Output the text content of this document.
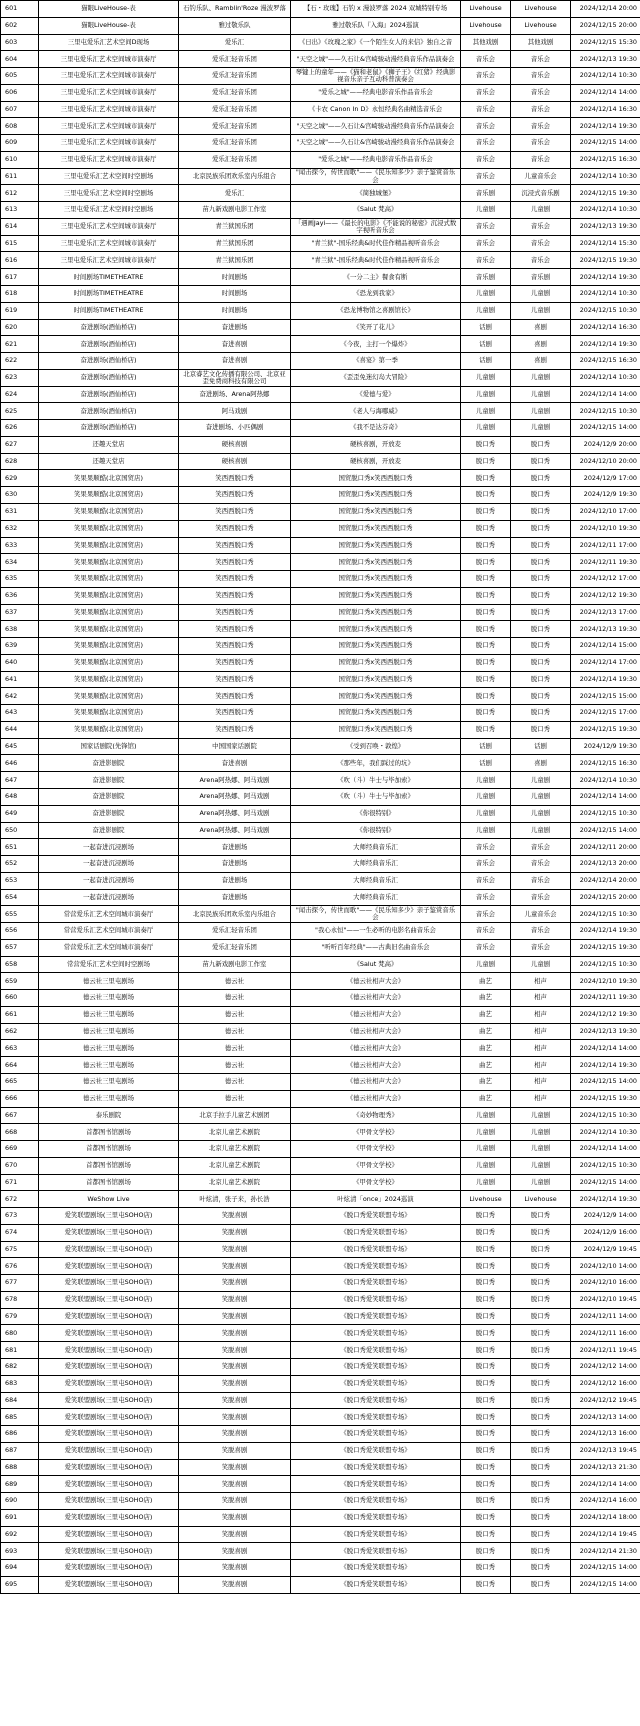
601	猫眼LiveHouse-表	石钓乐队、Ramblin'Roze 漫波罗落	【石・玫瑰】石钓 x 漫波罗落 2024 双城特别专场	Livehouse	Livehouse	2024/12/14 20:00
602	猫眼LiveHouse-表	雅过敬乐队	雅过敬乐队『入海』2024巡演	Livehouse	Livehouse	2024/12/15 20:00
603	三里屯爱乐汇艺术空间D现场	爱乐汇	《日出》《玫瑰之家》《一个陌生女人的来信》独自之音	其他戏剧	其他戏剧	2024/12/15 15:30
604	三里屯爱乐汇艺术空间城市演奏厅	爱乐汇轻音乐团	"天空之城"——久石让&宫崎骏动漫经典音乐作品演奏会	音乐会	音乐会	2024/12/13 19:30
605	三里屯爱乐汇艺术空间城市演奏厅	爱乐汇轻音乐团	琴键上的童年——《猫和老鼠》《狮子王》《红猪》经典影视音乐亲子互动科普演奏会	音乐会	音乐会	2024/12/14 10:30
606	三里屯爱乐汇艺术空间城市演奏厅	爱乐汇轻音乐团	"爱乐之城"——经典电影音乐作品音乐会	音乐会	音乐会	2024/12/14 14:00
607	三里屯爱乐汇艺术空间城市演奏厅	爱乐汇轻音乐团	《卡农 Canon In D》永恒经典名曲精选音乐会	音乐会	音乐会	2024/12/14 16:30
608	三里屯爱乐汇艺术空间城市演奏厅	爱乐汇轻音乐团	"天空之城"——久石让&宫崎骏动漫经典音乐作品演奏会	音乐会	音乐会	2024/12/14 19:30
609	三里屯爱乐汇艺术空间城市演奏厅	爱乐汇轻音乐团	"天空之城"——久石让&宫崎骏动漫经典音乐作品演奏会	音乐会	音乐会	2024/12/15 14:00
610	三里屯爱乐汇艺术空间城市演奏厅	爱乐汇轻音乐团	"爱乐之城"——经典电影音乐作品音乐会	音乐会	音乐会	2024/12/15 16:30
611	三里屯爱乐汇艺术空间时空剧场	北京民族乐团欢乐室内乐组合	"闻击探今，传世而歌"——《民乐知多少》亲子鉴赏音乐会	音乐会	儿童音乐会	2024/12/14 10:30
612	三里屯爱乐汇艺术空间时空剧场	爱乐汇	《简独城堡》	音乐剧	沉浸式音乐剧	2024/12/15 19:30
613	三里屯爱乐汇艺术空间时空剧场	苗九新戏剧电影工作室	《Salut 梵高》	儿童剧	儿童剧	2024/12/14 10:30
614	三里屯爱乐汇艺术空间城市演奏厅	青兰狱国乐团	「遇画Jayi——《最长的电影》《不能说的秘密》沉浸式数字视听音乐会	音乐会	音乐会	2024/12/13 19:30
615	三里屯爱乐汇艺术空间城市演奏厅	青兰狱国乐团	"青兰狱"-国乐经典&时代佳作精品视听音乐会	音乐会	音乐会	2024/12/14 15:30
616	三里屯爱乐汇艺术空间城市演奏厅	青兰狱国乐团	"青兰狱"-国乐经典&时代佳作精品视听音乐会	音乐会	音乐会	2024/12/15 19:30
617	时间剧场TIMETHEATRE	时间剧场	《一分二主》餐食有断	音乐剧	音乐剧	2024/12/14 19:30
618	时间剧场TIMETHEATRE	时间剧场	《恐龙到我家》	儿童剧	儿童剧	2024/12/14 10:30
619	时间剧场TIMETHEATRE	时间剧场	《恐龙博物馆之喜剧馆长》	儿童剧	儿童剧	2024/12/15 10:30
620	奋进剧场(酒仙桥店)	奋进剧场	《笑开了花儿》	话剧	喜剧	2024/12/14 16:30
621	奋进剧场(酒仙桥店)	奋进喜剧	《今夜，主打一个爆炸》	话剧	喜剧	2024/12/14 19:30
622	奋进剧场(酒仙桥店)	奋进喜剧	《喜宴》第一季	话剧	喜剧	2024/12/15 16:30
623	奋进剧场(酒仙桥店)	北京睿艺文化传播有限公司、北京亚歪免费商科技有限公司	《歪歪免迷幻岛大冒险》	儿童剧	儿童剧	2024/12/14 10:30
624	奋进剧场(酒仙桥店)	奋进剧场、Arena阿热娜	《爱德与爱》	儿童剧	儿童剧	2024/12/14 14:00
625	奋进剧场(酒仙桥店)	阿马戏剧	《老人与海哪威》	儿童剧	儿童剧	2024/12/15 10:30
626	奋进剧场(酒仙桥店)	奋进剧场、小匹偶剧	《我不是达芬奇》	儿童剧	儿童剧	2024/12/15 14:00
627	还趣天堂店	硬核喜剧	硬核喜剧，开放麦	脱口秀	脱口秀	2024/12/9 20:00
628	还趣天堂店	硬核喜剧	硬核喜剧，开放麦	脱口秀	脱口秀	2024/12/10 20:00
629	笑果果顺酷(北京国贸店)	笑西西脱口秀	国贸脱口秀x笑西西脱口秀	脱口秀	脱口秀	2024/12/9 17:00
630	笑果果顺酷(北京国贸店)	笑西西脱口秀	国贸脱口秀x笑西西脱口秀	脱口秀	脱口秀	2024/12/9 19:30
631	笑果果顺酷(北京国贸店)	笑西西脱口秀	国贸脱口秀x笑西西脱口秀	脱口秀	脱口秀	2024/12/10 17:00
632	笑果果顺酷(北京国贸店)	笑西西脱口秀	国贸脱口秀x笑西西脱口秀	脱口秀	脱口秀	2024/12/10 19:30
633	笑果果顺酷(北京国贸店)	笑西西脱口秀	国贸脱口秀x笑西西脱口秀	脱口秀	脱口秀	2024/12/11 17:00
634	笑果果顺酷(北京国贸店)	笑西西脱口秀	国贸脱口秀x笑西西脱口秀	脱口秀	脱口秀	2024/12/11 19:30
635	笑果果顺酷(北京国贸店)	笑西西脱口秀	国贸脱口秀x笑西西脱口秀	脱口秀	脱口秀	2024/12/12 17:00
636	笑果果顺酷(北京国贸店)	笑西西脱口秀	国贸脱口秀x笑西西脱口秀	脱口秀	脱口秀	2024/12/12 19:30
637	笑果果顺酷(北京国贸店)	笑西西脱口秀	国贸脱口秀x笑西西脱口秀	脱口秀	脱口秀	2024/12/13 17:00
638	笑果果顺酷(北京国贸店)	笑西西脱口秀	国贸脱口秀x笑西西脱口秀	脱口秀	脱口秀	2024/12/13 19:30
639	笑果果顺酷(北京国贸店)	笑西西脱口秀	国贸脱口秀x笑西西脱口秀	脱口秀	脱口秀	2024/12/14 15:00
640	笑果果顺酷(北京国贸店)	笑西西脱口秀	国贸脱口秀x笑西西脱口秀	脱口秀	脱口秀	2024/12/14 17:00
641	笑果果顺酷(北京国贸店)	笑西西脱口秀	国贸脱口秀x笑西西脱口秀	脱口秀	脱口秀	2024/12/14 19:30
642	笑果果顺酷(北京国贸店)	笑西西脱口秀	国贸脱口秀x笑西西脱口秀	脱口秀	脱口秀	2024/12/15 15:00
643	笑果果顺酷(北京国贸店)	笑西西脱口秀	国贸脱口秀x笑西西脱口秀	脱口秀	脱口秀	2024/12/15 17:00
644	笑果果顺酷(北京国贸店)	笑西西脱口秀	国贸脱口秀x笑西西脱口秀	脱口秀	脱口秀	2024/12/15 19:30
645	国家话剧院(先锋馆)	中国国家话剧院	《受到召唤・敦煌》	话剧	话剧	2024/12/9 19:30
646	奋进影剧院	奋进喜剧	《那些年，我们踩过的坑》	话剧	喜剧	2024/12/15 16:30
647	奋进影剧院	Arena阿热娜、阿马戏剧	《吹（斗）牛士与毕加索》	儿童剧	儿童剧	2024/12/14 10:30
648	奋进影剧院	Arena阿热娜、阿马戏剧	《吹（斗）牛士与毕加索》	儿童剧	儿童剧	2024/12/14 14:00
649	奋进影剧院	Arena阿热娜、阿马戏剧	《你很特别》	儿童剧	儿童剧	2024/12/15 10:30
650	奋进影剧院	Arena阿热娜、阿马戏剧	《你很特别》	儿童剧	儿童剧	2024/12/15 14:00
651	一起奋进沉浸剧场	奋进剧场	大师经典音乐汇	音乐会	音乐会	2024/12/11 20:00
652	一起奋进沉浸剧场	奋进剧场	大师经典音乐汇	音乐会	音乐会	2024/12/13 20:00
653	一起奋进沉浸剧场	奋进剧场	大师经典音乐汇	音乐会	音乐会	2024/12/14 20:00
654	一起奋进沉浸剧场	奋进剧场	大师经典音乐汇	音乐会	音乐会	2024/12/15 20:00
655	常营爱乐汇艺术空间城市演奏厅	北京民族乐团欢乐室内乐组合	"闻击探今，传世而歌"——《民乐知多少》亲子鉴赏音乐会	音乐会	儿童音乐会	2024/12/15 10:30
656	常营爱乐汇艺术空间城市演奏厅	爱乐汇轻音乐团	"我心永恒"——一生必听的电影名曲音乐会	音乐会	音乐会	2024/12/14 19:30
657	常营爱乐汇艺术空间城市演奏厅	爱乐汇轻音乐团	"听听百年经典"——古典旧名曲音乐会	音乐会	音乐会	2024/12/15 19:30
658	常营爱乐汇艺术空间时空剧场	苗九新戏剧电影工作室	《Salut 梵高》	儿童剧	儿童剧	2024/12/15 10:30
659	德云社三里屯剧场	德云社	《德云社相声大会》	曲艺	相声	2024/12/10 19:30
660	德云社三里屯剧场	德云社	《德云社相声大会》	曲艺	相声	2024/12/11 19:30
661	德云社三里屯剧场	德云社	《德云社相声大会》	曲艺	相声	2024/12/12 19:30
662	德云社三里屯剧场	德云社	《德云社相声大会》	曲艺	相声	2024/12/13 19:30
663	德云社三里屯剧场	德云社	《德云社相声大会》	曲艺	相声	2024/12/14 14:00
664	德云社三里屯剧场	德云社	《德云社相声大会》	曲艺	相声	2024/12/14 19:30
665	德云社三里屯剧场	德云社	《德云社相声大会》	曲艺	相声	2024/12/15 14:00
666	德云社三里屯剧场	德云社	《德云社相声大会》	曲艺	相声	2024/12/15 19:30
667	泰乐剧院	北京手拉手儿童艺术剧团	《奇妙物理秀》	儿童剧	儿童剧	2024/12/15 10:30
668	首都图书馆剧场	北京儿童艺术剧院	《甲骨文学校》	儿童剧	儿童剧	2024/12/14 10:30
669	首都图书馆剧场	北京儿童艺术剧院	《甲骨文学校》	儿童剧	儿童剧	2024/12/14 14:00
670	首都图书馆剧场	北京儿童艺术剧院	《甲骨文学校》	儿童剧	儿童剧	2024/12/15 10:30
671	首都图书馆剧场	北京儿童艺术剧院	《甲骨文学校》	儿童剧	儿童剧	2024/12/15 14:00
672	WeShow Live	叶炫清，张子来，孙长浩	叶炫清「once」2024巡演	Livehouse	Livehouse	2024/12/14 19:30
673	爱笑联盟剧场(三里屯SOHO店)	笑脱喜剧	《脱口秀爱笑联盟专场》	脱口秀	脱口秀	2024/12/9 14:00
674	爱笑联盟剧场(三里屯SOHO店)	笑脱喜剧	《脱口秀爱笑联盟专场》	脱口秀	脱口秀	2024/12/9 16:00
675	爱笑联盟剧场(三里屯SOHO店)	笑脱喜剧	《脱口秀爱笑联盟专场》	脱口秀	脱口秀	2024/12/9 19:45
676	爱笑联盟剧场(三里屯SOHO店)	笑脱喜剧	《脱口秀爱笑联盟专场》	脱口秀	脱口秀	2024/12/10 14:00
677	爱笑联盟剧场(三里屯SOHO店)	笑脱喜剧	《脱口秀爱笑联盟专场》	脱口秀	脱口秀	2024/12/10 16:00
678	爱笑联盟剧场(三里屯SOHO店)	笑脱喜剧	《脱口秀爱笑联盟专场》	脱口秀	脱口秀	2024/12/10 19:45
679	爱笑联盟剧场(三里屯SOHO店)	笑脱喜剧	《脱口秀爱笑联盟专场》	脱口秀	脱口秀	2024/12/11 14:00
680	爱笑联盟剧场(三里屯SOHO店)	笑脱喜剧	《脱口秀爱笑联盟专场》	脱口秀	脱口秀	2024/12/11 16:00
681	爱笑联盟剧场(三里屯SOHO店)	笑脱喜剧	《脱口秀爱笑联盟专场》	脱口秀	脱口秀	2024/12/11 19:45
682	爱笑联盟剧场(三里屯SOHO店)	笑脱喜剧	《脱口秀爱笑联盟专场》	脱口秀	脱口秀	2024/12/12 14:00
683	爱笑联盟剧场(三里屯SOHO店)	笑脱喜剧	《脱口秀爱笑联盟专场》	脱口秀	脱口秀	2024/12/12 16:00
684	爱笑联盟剧场(三里屯SOHO店)	笑脱喜剧	《脱口秀爱笑联盟专场》	脱口秀	脱口秀	2024/12/12 19:45
685	爱笑联盟剧场(三里屯SOHO店)	笑脱喜剧	《脱口秀爱笑联盟专场》	脱口秀	脱口秀	2024/12/13 14:00
686	爱笑联盟剧场(三里屯SOHO店)	笑脱喜剧	《脱口秀爱笑联盟专场》	脱口秀	脱口秀	2024/12/13 16:00
687	爱笑联盟剧场(三里屯SOHO店)	笑脱喜剧	《脱口秀爱笑联盟专场》	脱口秀	脱口秀	2024/12/13 19:45
688	爱笑联盟剧场(三里屯SOHO店)	笑脱喜剧	《脱口秀爱笑联盟专场》	脱口秀	脱口秀	2024/12/13 21:30
689	爱笑联盟剧场(三里屯SOHO店)	笑脱喜剧	《脱口秀爱笑联盟专场》	脱口秀	脱口秀	2024/12/14 14:00
690	爱笑联盟剧场(三里屯SOHO店)	笑脱喜剧	《脱口秀爱笑联盟专场》	脱口秀	脱口秀	2024/12/14 16:00
691	爱笑联盟剧场(三里屯SOHO店)	笑脱喜剧	《脱口秀爱笑联盟专场》	脱口秀	脱口秀	2024/12/14 18:00
692	爱笑联盟剧场(三里屯SOHO店)	笑脱喜剧	《脱口秀爱笑联盟专场》	脱口秀	脱口秀	2024/12/14 19:45
693	爱笑联盟剧场(三里屯SOHO店)	笑脱喜剧	《脱口秀爱笑联盟专场》	脱口秀	脱口秀	2024/12/14 21:30
694	爱笑联盟剧场(三里屯SOHO店)	笑脱喜剧	《脱口秀爱笑联盟专场》	脱口秀	脱口秀	2024/12/15 14:00
695	爱笑联盟剧场(三里屯SOHO店)	笑脱喜剧	《脱口秀爱笑联盟专场》	脱口秀	脱口秀	2024/12/15 14:00
